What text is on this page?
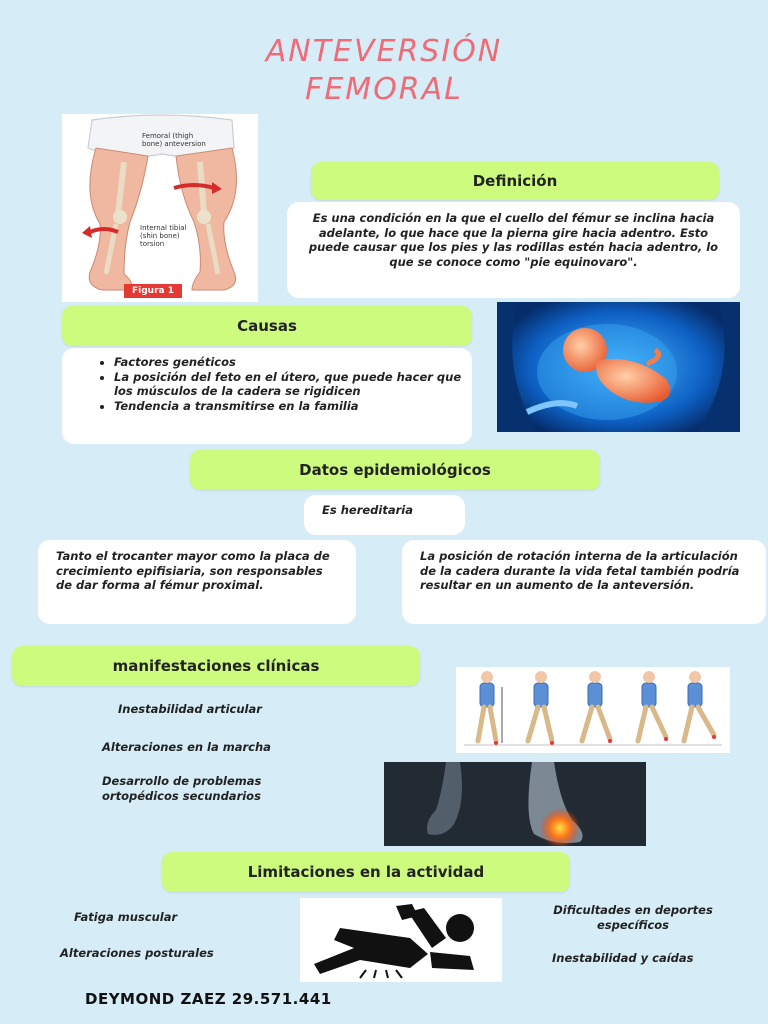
ANTEVERSIÓN
FEMORAL
Femoral (thigh bone) anteversion
Internal tibial (shin bone) torsion
Figura 1
Definición
Es una condición en la que el cuello del fémur se inclina hacia adelante, lo que hace que la pierna gire hacia adentro. Esto puede causar que los pies y las rodillas estén hacia adentro, lo que se conoce como "pie equinovaro".
Causas
• Factores genéticos
• La posición del feto en el útero, que puede hacer que los músculos de la cadera se rigidicen
• Tendencia a transmitirse en la familia
Datos epidemiológicos
Es hereditaria
Tanto el trocanter mayor como la placa de crecimiento epifisiaria, son responsables de dar forma al fémur proximal.
La posición de rotación interna de la articulación de la cadera durante la vida fetal también podría resultar en un aumento de la anteversión.
manifestaciones clínicas
Inestabilidad articular
Alteraciones en la marcha
Desarrollo de problemas ortopédicos secundarios
Limitaciones en la actividad
Fatiga muscular
Alteraciones posturales
Dificultades en deportes específicos
Inestabilidad y caídas
DEYMOND ZAEZ 29.571.441
